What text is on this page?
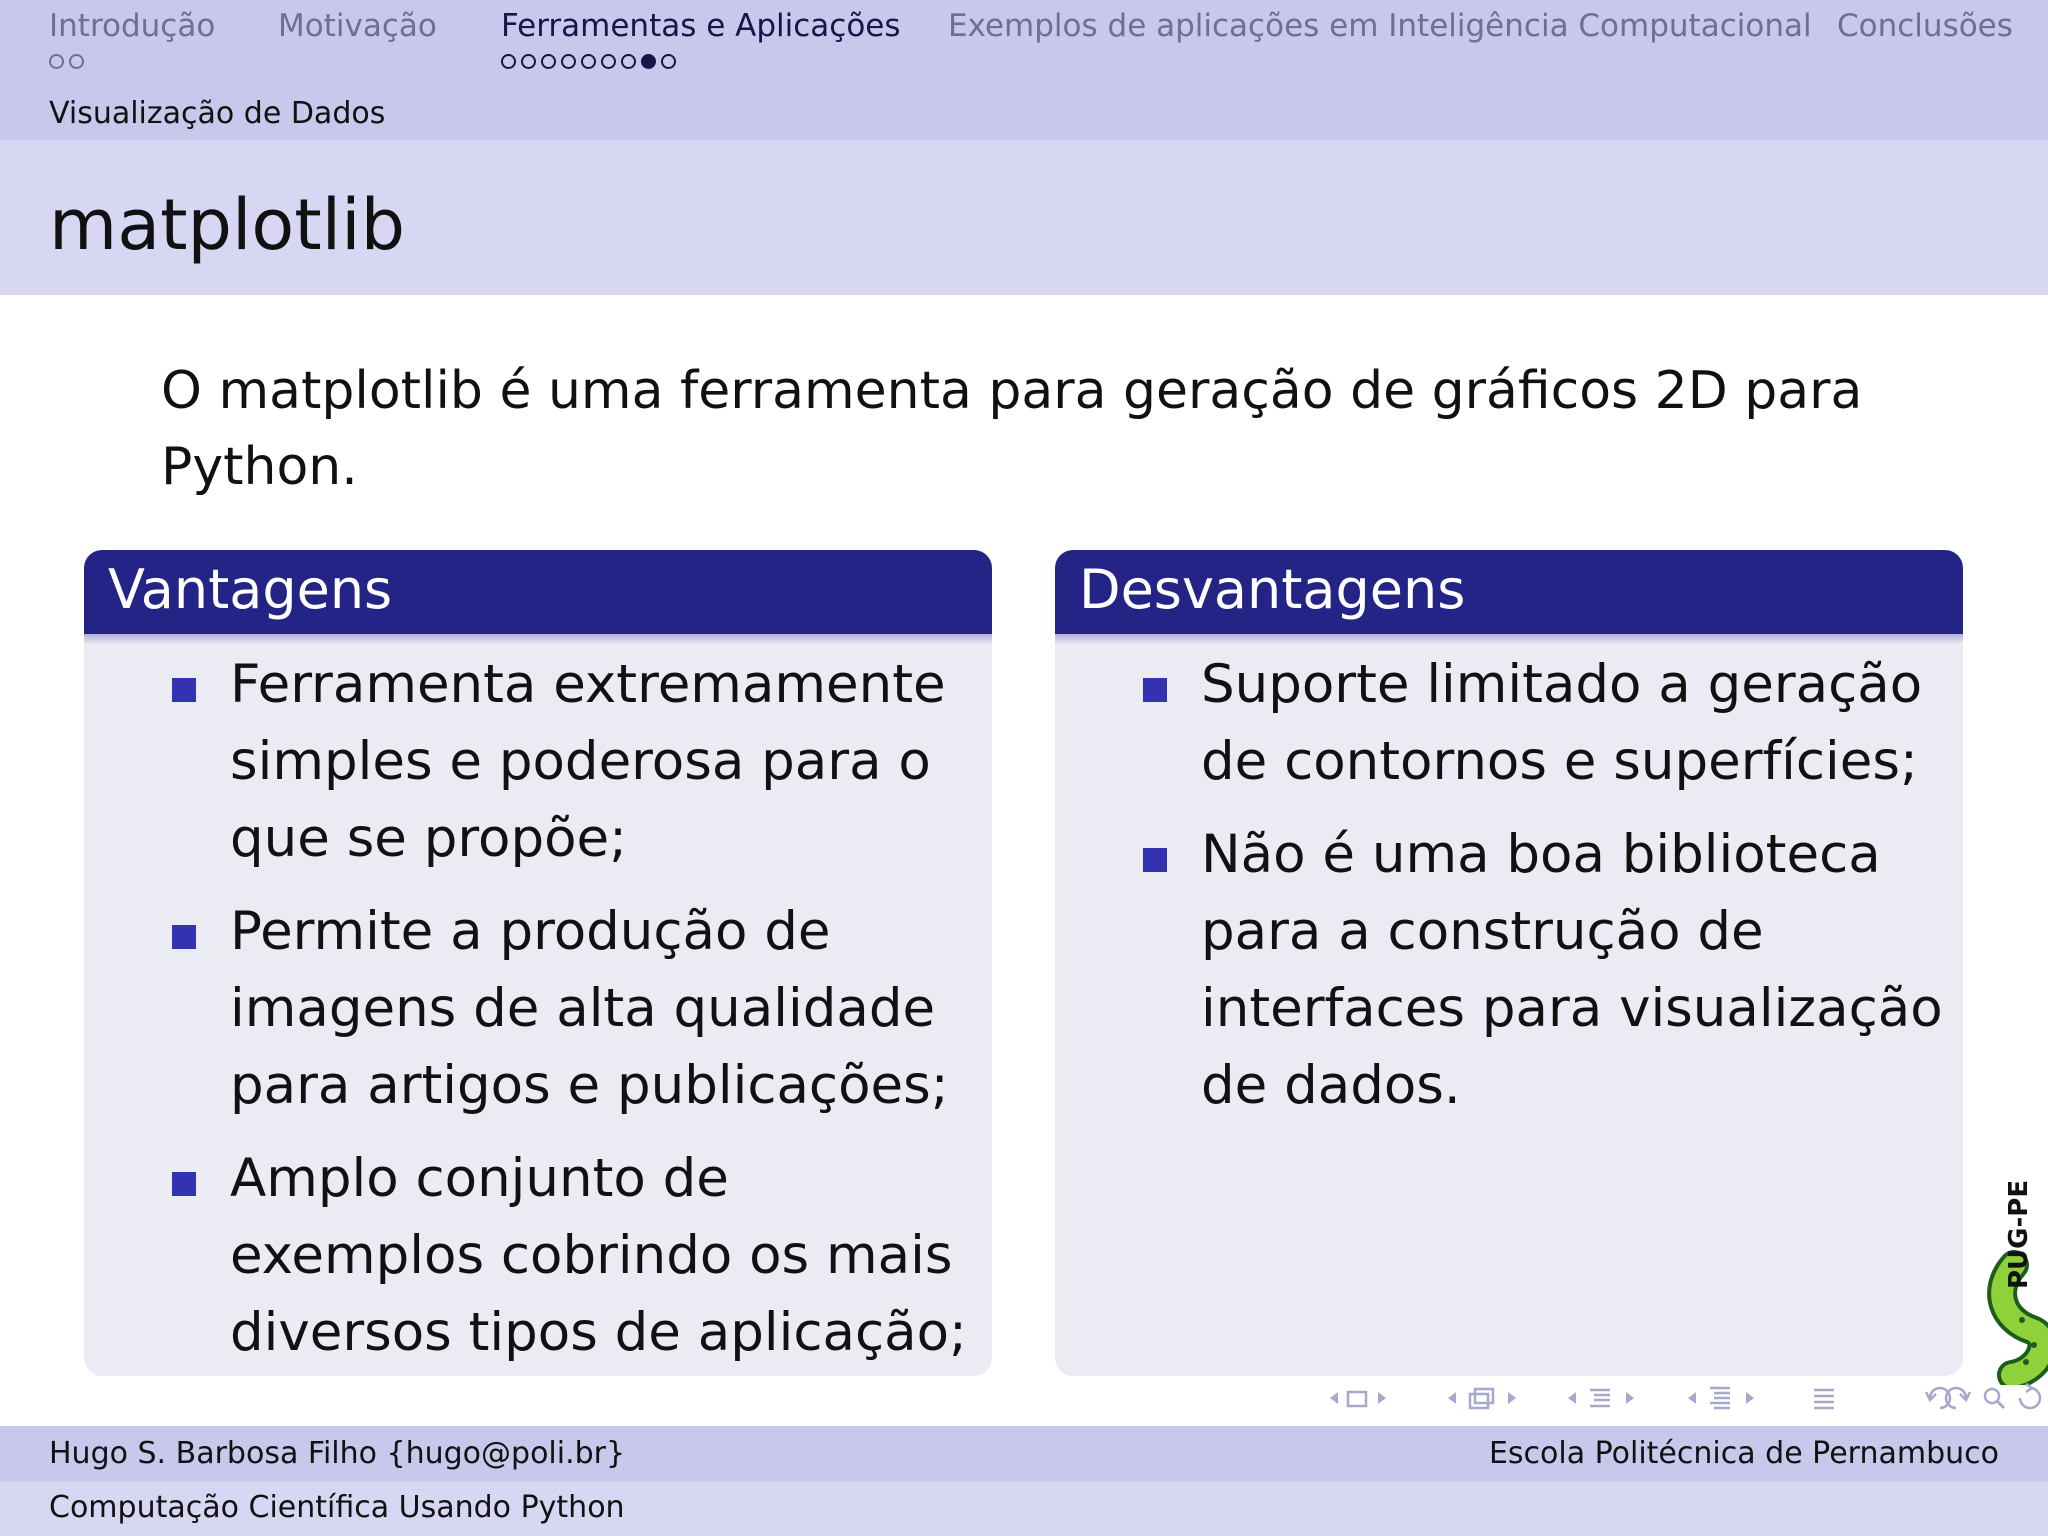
Introdução Motivação Ferramentas e Aplicações Exemplos de aplicações em Inteligência Computacional Conclusões
Visualização de Dados
matplotlib
O matplotlib é uma ferramenta para geração de gráficos 2D para Python.
Vantagens
Ferramenta extremamente simples e poderosa para o que se propõe;
Permite a produção de imagens de alta qualidade para artigos e publicações;
Amplo conjunto de exemplos cobrindo os mais diversos tipos de aplicação;
Desvantagens
Suporte limitado a geração de contornos e superfícies;
Não é uma boa biblioteca para a construção de interfaces para visualização de dados.
PUG-PE
Hugo S. Barbosa Filho {hugo@poli.br}	Escola Politécnica de Pernambuco
Computação Científica Usando Python
